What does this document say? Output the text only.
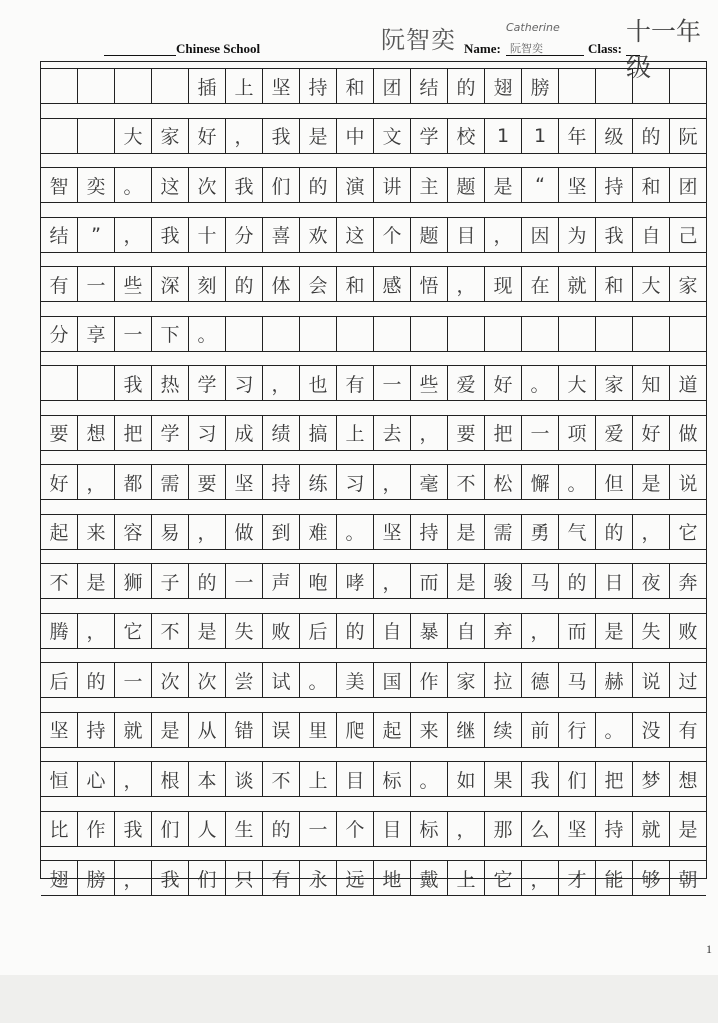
Chinese School	阮智奕 Name:
Catherine
阮智奕	Class:
十一年级
插 上 坚 持 和 团 结 的 翅 膀
大 家 好 ， 我 是 中 文 学 校	1	1	年 级 的 阮
智 奕 。 这 次 我 们 的 演 讲 主 题 是	“	坚 持 和 团
结	”	， 我 十 分 喜 欢 这 个 题 目 ， 因 为 我 自 己
有 一 些 深 刻 的 体 会 和 感 悟 ， 现 在 就 和 大 家
分 享 一 下 。
我 热 学 习 ， 也 有 一 些 爱 好 。 大 家 知 道
要 想 把 学 习 成 绩 搞 上 去 ， 要 把 一 项 爱 好 做
好 ， 都 需 要 坚 持 练 习 ， 毫 不 松 懈 。 但 是 说
起 来 容 易 ， 做 到 难 。 坚 持 是 需 勇 气 的 ， 它
不 是 狮 子 的 一 声 咆 哮 ， 而 是 骏 马 的 日 夜 奔
腾 ， 它 不 是 失 败 后 的 自 暴 自 弃 ， 而 是 失 败
后 的 一 次 次 尝 试 。 美 国 作 家 拉 德 马 赫 说 过
坚 持 就 是 从 错 误 里 爬 起 来 继 续 前 行 。 没 有
恒 心 ， 根 本 谈 不 上 目 标 。 如 果 我 们 把 梦 想
比 作 我 们 人 生 的 一 个 目 标 ， 那 么 坚 持 就 是
翅 膀 ， 我 们 只 有 永 远 地 戴 上 它 ， 才 能 够 朝
1
